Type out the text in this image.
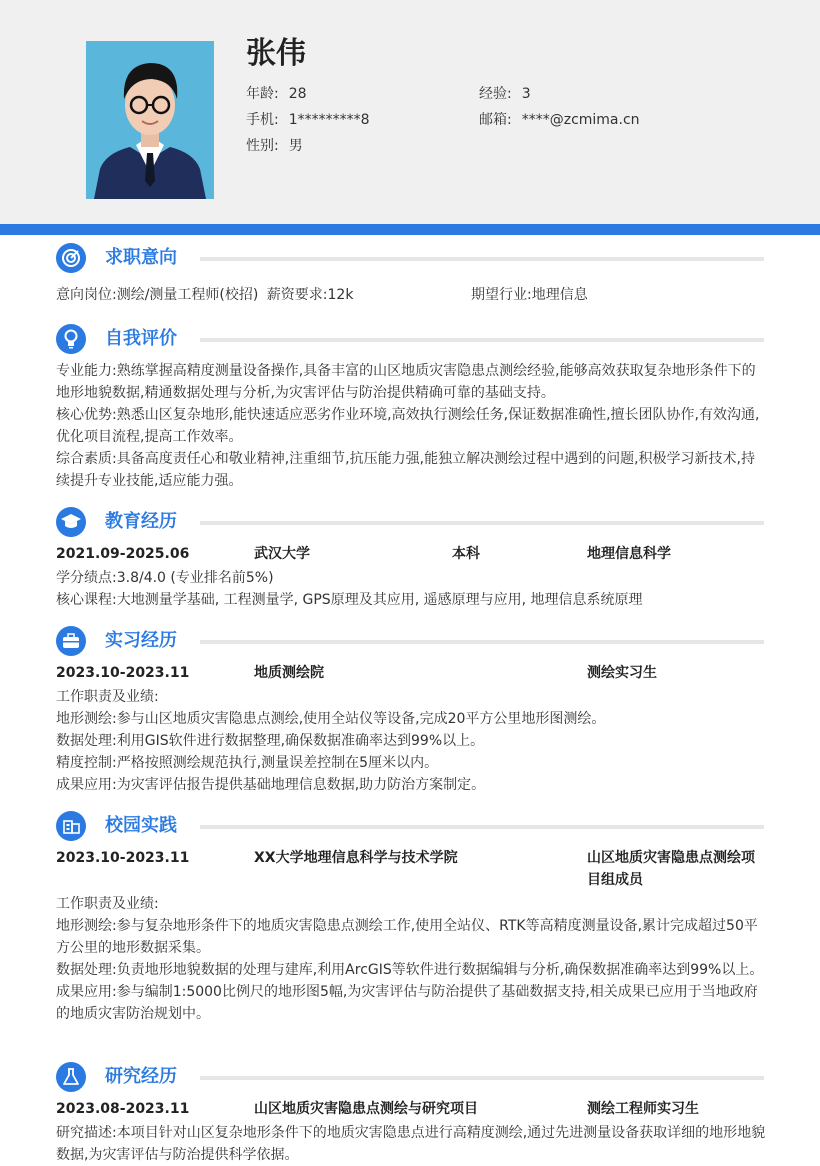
张伟
年龄: 28	经验: 3
手机: 1*********8	邮箱: ****@zcmima.cn
性别: 男
求职意向
意向岗位:测绘/测量工程师(校招) 薪资要求:12k	期望行业:地理信息
自我评价
专业能力:熟练掌握高精度测量设备操作,具备丰富的山区地质灾害隐患点测绘经验,能够高效获取复杂地形条件下的地形地貌数据,精通数据处理与分析,为灾害评估与防治提供精确可靠的基础支持。
核心优势:熟悉山区复杂地形,能快速适应恶劣作业环境,高效执行测绘任务,保证数据准确性,擅长团队协作,有效沟通,优化项目流程,提高工作效率。
综合素质:具备高度责任心和敬业精神,注重细节,抗压能力强,能独立解决测绘过程中遇到的问题,积极学习新技术,持续提升专业技能,适应能力强。
教育经历
2021.09-2025.06	武汉大学	本科	地理信息科学
学分绩点:3.8/4.0 (专业排名前5%)
核心课程:大地测量学基础, 工程测量学, GPS原理及其应用, 遥感原理与应用, 地理信息系统原理
实习经历
2023.10-2023.11	地质测绘院	测绘实习生
工作职责及业绩:
地形测绘:参与山区地质灾害隐患点测绘,使用全站仪等设备,完成20平方公里地形图测绘。
数据处理:利用GIS软件进行数据整理,确保数据准确率达到99%以上。
精度控制:严格按照测绘规范执行,测量误差控制在5厘米以内。
成果应用:为灾害评估报告提供基础地理信息数据,助力防治方案制定。
校园实践
2023.10-2023.11	XX大学地理信息科学与技术学院	山区地质灾害隐患点测绘项目组成员
工作职责及业绩:
地形测绘:参与复杂地形条件下的地质灾害隐患点测绘工作,使用全站仪、RTK等高精度测量设备,累计完成超过50平方公里的地形数据采集。
数据处理:负责地形地貌数据的处理与建库,利用ArcGIS等软件进行数据编辑与分析,确保数据准确率达到99%以上。
成果应用:参与编制1:5000比例尺的地形图5幅,为灾害评估与防治提供了基础数据支持,相关成果已应用于当地政府的地质灾害防治规划中。
研究经历
2023.08-2023.11	山区地质灾害隐患点测绘与研究项目	测绘工程师实习生
研究描述:本项目针对山区复杂地形条件下的地质灾害隐患点进行高精度测绘,通过先进测量设备获取详细的地形地貌数据,为灾害评估与防治提供科学依据。
